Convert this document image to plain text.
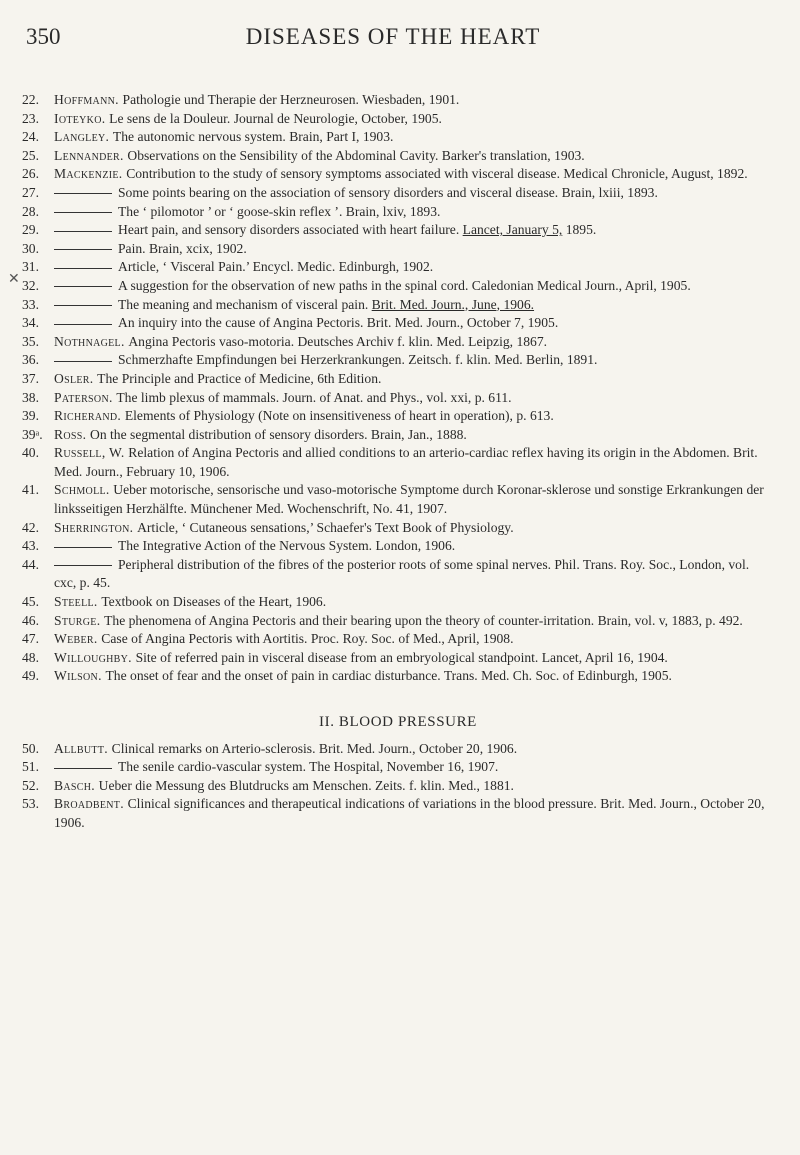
350	DISEASES OF THE HEART
✕

22. Hoffmann. Pathologie und Therapie der Herzneurosen. Wiesbaden, 1901.

23. Ioteyko. Le sens de la Douleur. Journal de Neurologie, October, 1905.

24. Langley. The autonomic nervous system. Brain, Part I, 1903.

25. Lennander. Observations on the Sensibility of the Abdominal Cavity. Barker's translation, 1903.

26. Mackenzie. Contribution to the study of sensory symptoms associated with visceral disease. Medical Chronicle, August, 1892.

27.	Some points bearing on the association of sensory disorders and visceral disease. Brain, lxiii, 1893.

28.	The ‘ pilomotor ’ or ‘ goose-skin reflex ’. Brain, lxiv, 1893.

29.	Heart pain, and sensory disorders associated with heart failure. Lancet, January 5, 1895.

30.	Pain. Brain, xcix, 1902.

31.	Article, ‘ Visceral Pain.’ Encycl. Medic. Edinburgh, 1902.

32.	A suggestion for the observation of new paths in the spinal cord. Caledonian Medical Journ., April, 1905.

33.	The meaning and mechanism of visceral pain. Brit. Med. Journ., June, 1906.

34.	An inquiry into the cause of Angina Pectoris. Brit. Med. Journ., October 7, 1905.

35. Nothnagel. Angina Pectoris vaso-motoria. Deutsches Archiv f. klin. Med. Leipzig, 1867.

36.	Schmerzhafte Empfindungen bei Herzerkrankungen. Zeitsch. f. klin. Med. Berlin, 1891.

37. Osler. The Principle and Practice of Medicine, 6th Edition.

38. Paterson. The limb plexus of mammals. Journ. of Anat. and Phys., vol. xxi, p. 611.

39. Richerand. Elements of Physiology (Note on insensitiveness of heart in operation), p. 613.

39ᵃ. Ross. On the segmental distribution of sensory disorders. Brain, Jan., 1888.

40. Russell, W. Relation of Angina Pectoris and allied conditions to an arterio-cardiac reflex having its origin in the Abdomen. Brit. Med. Journ., February 10, 1906.

41. Schmoll. Ueber motorische, sensorische und vaso-motorische Symptome durch Koronar-sklerose und sonstige Erkrankungen der linksseitigen Herzhälfte. Münchener Med. Wochenschrift, No. 41, 1907.

42. Sherrington. Article, ‘ Cutaneous sensations,’ Schaefer's Text Book of Physiology.

43.	The Integrative Action of the Nervous System. London, 1906.

44.	Peripheral distribution of the fibres of the posterior roots of some spinal nerves. Phil. Trans. Roy. Soc., London, vol. cxc, p. 45.

45. Steell. Textbook on Diseases of the Heart, 1906.

46. Sturge. The phenomena of Angina Pectoris and their bearing upon the theory of counter-irritation. Brain, vol. v, 1883, p. 492.

47. Weber. Case of Angina Pectoris with Aortitis. Proc. Roy. Soc. of Med., April, 1908.

48. Willoughby. Site of referred pain in visceral disease from an embryological standpoint. Lancet, April 16, 1904.

49. Wilson. The onset of fear and the onset of pain in cardiac disturbance. Trans. Med. Ch. Soc. of Edinburgh, 1905.

II. BLOOD PRESSURE

50. Allbutt. Clinical remarks on Arterio-sclerosis. Brit. Med. Journ., October 20, 1906.

51.	The senile cardio-vascular system. The Hospital, November 16, 1907.

52. Basch. Ueber die Messung des Blutdrucks am Menschen. Zeits. f. klin. Med., 1881.

53. Broadbent. Clinical significances and therapeutical indications of variations in the blood pressure. Brit. Med. Journ., October 20, 1906.
